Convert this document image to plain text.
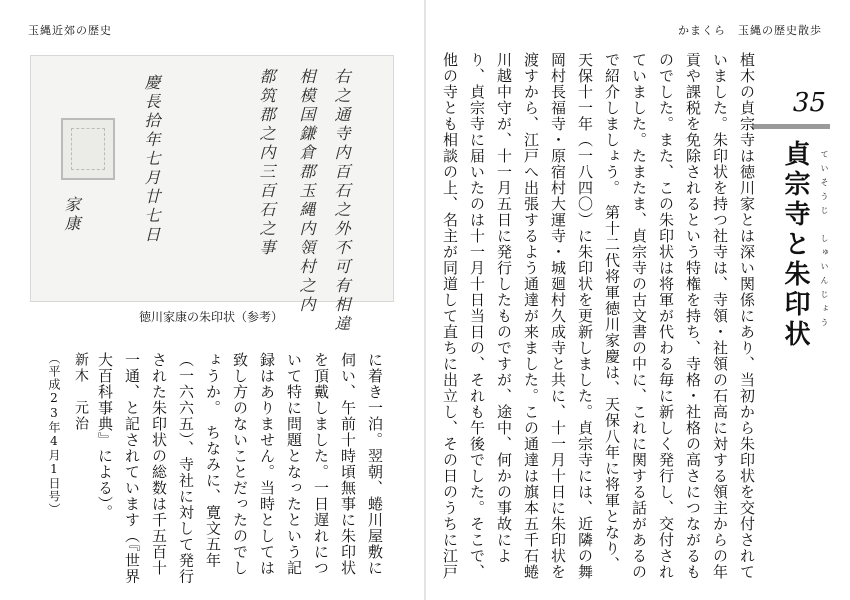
玉縄近郊の歴史
慶長拾年七月廿七日	右之通寺内百石之外不可有相違
相模国鎌倉郡玉縄内領村之内
都筑郡之内三百石之事
家康
徳川家康の朱印状（参考）

に着き一泊。翌朝、蜷川屋敷に伺い、午前十時頃無事に朱印状を頂戴しました。一日遅れについて特に問題となったという記録はありません。当時としては致し方のないことだったのでしょうか。　ちなみに、寛文五年（一六六五）、寺社に対して発行された朱印状の総数は千五百十一通、と記されています（『世界大百科事典』による）。

新木　元治（平成23年4月1日号）
かまくら　玉縄の歴史散歩
35
貞宗寺と朱印状	ていそうじ　しゅいんじょう

植木の貞宗寺は徳川家とは深い関係にあり、当初から朱印状を交付されていました。朱印状を持つ社寺は、寺領・社領の石高に対する領主からの年貢や課税を免除されるという特権を持ち、寺格・社格の高さにつながるものでした。また、この朱印状は将軍が代わる毎に新しく発行し、交付されていました。たまたま、貞宗寺の古文書の中に、これに関する話があるので紹介しましょう。　第十二代将軍徳川家慶は、天保八年に将軍となり、天保十一年（一八四〇）に朱印状を更新しました。貞宗寺には、近隣の舞岡村長福寺・原宿村大運寺・城廻村久成寺と共に、十一月十日に朱印状を渡すから、江戸へ出張するよう通達が来ました。この通達は旗本五千石蜷川越中守が、十一月五日に発行したものですが、途中、何かの事故により、貞宗寺に届いたのは十一月十日当日の、それも午後でした。そこで、他の寺とも相談の上、名主が同道して直ちに出立し、その日のうちに江戸
